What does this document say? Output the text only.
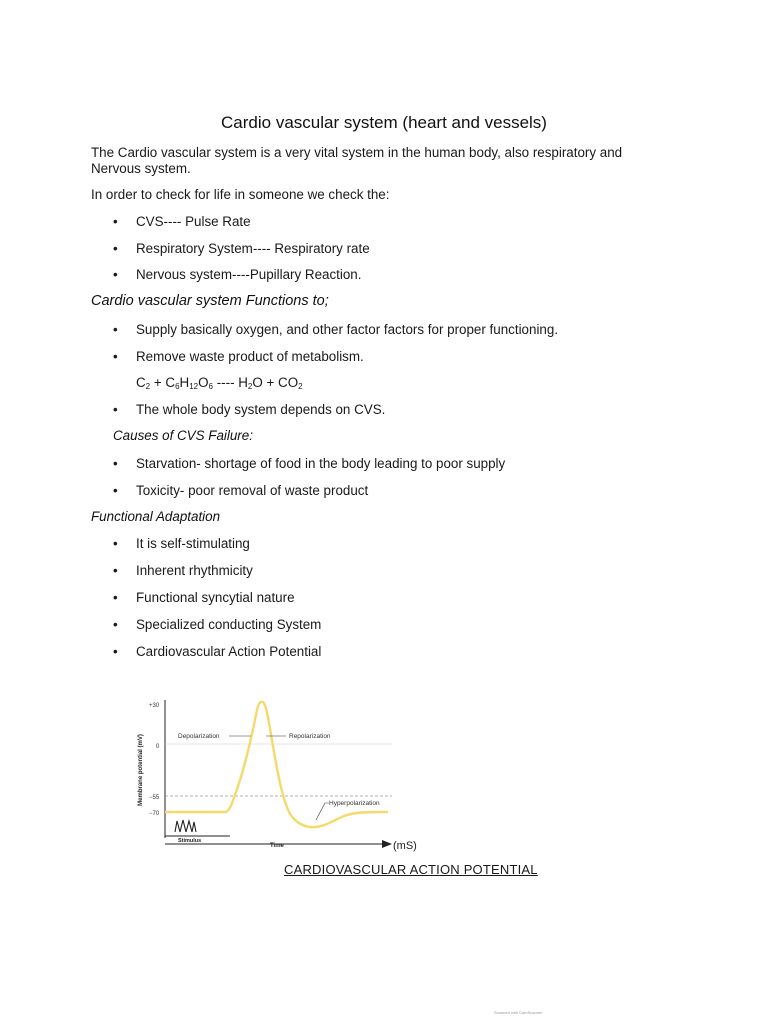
Cardio vascular system (heart and vessels)
The Cardio vascular system is a very vital system in the human body, also respiratory and Nervous system.
In order to check for life in someone we check the:
• CVS---- Pulse Rate
• Respiratory System---- Respiratory rate
• Nervous system----Pupillary Reaction.
Cardio vascular system Functions to;
• Supply basically oxygen, and other factor factors for proper functioning.
• Remove waste product of metabolism.
$C_2 + C_6H_{12}O_6$ ---- $H_2O + CO_2$
• The whole body system depends on CVS.
Causes of CVS Failure:
• Starvation- shortage of food in the body leading to poor supply
• Toxicity- poor removal of waste product
Functional Adaptation
• It is self-stimulating
• Inherent rhythmicity
• Functional syncytial nature
• Specialized conducting System
• Cardiovascular Action Potential
Membrane potential (mV)
+30
0
−55
−70
Depolarization	Repolarization
Hyperpolarization
Stimulus
Time	(mS)
CARDIOVASCULAR ACTION POTENTIAL
Scanned with CamScanner
